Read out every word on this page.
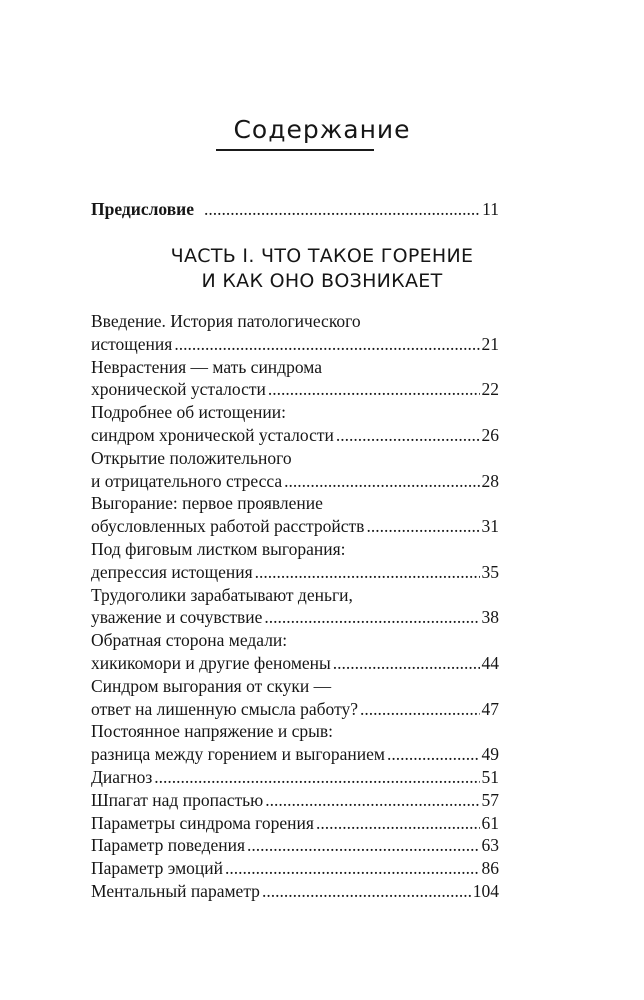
Содержание
Предисловие .....	11
ЧАСТЬ I. ЧТО ТАКОЕ ГОРЕНИЕ
И КАК ОНО ВОЗНИКАЕТ
Введение. История патологического
истощения .....	21
Неврастения — мать синдрома
хронической усталости .....	22
Подробнее об истощении:
синдром хронической усталости .....	26
Открытие положительного
и отрицательного стресса .....	28
Выгорание: первое проявление
обусловленных работой расстройств .....	31
Под фиговым листком выгорания:
депрессия истощения .....	35
Трудоголики зарабатывают деньги,
уважение и сочувствие .....	38
Обратная сторона медали:
хикикомори и другие феномены .....	44
Синдром выгорания от скуки —
ответ на лишенную смысла работу? .....	47
Постоянное напряжение и срыв:
разница между горением и выгоранием .....	49
Диагноз .....	51
Шпагат над пропастью .....	57
Параметры синдрома горения .....	61
Параметр поведения .....	63
Параметр эмоций .....	86
Ментальный параметр .....	104
